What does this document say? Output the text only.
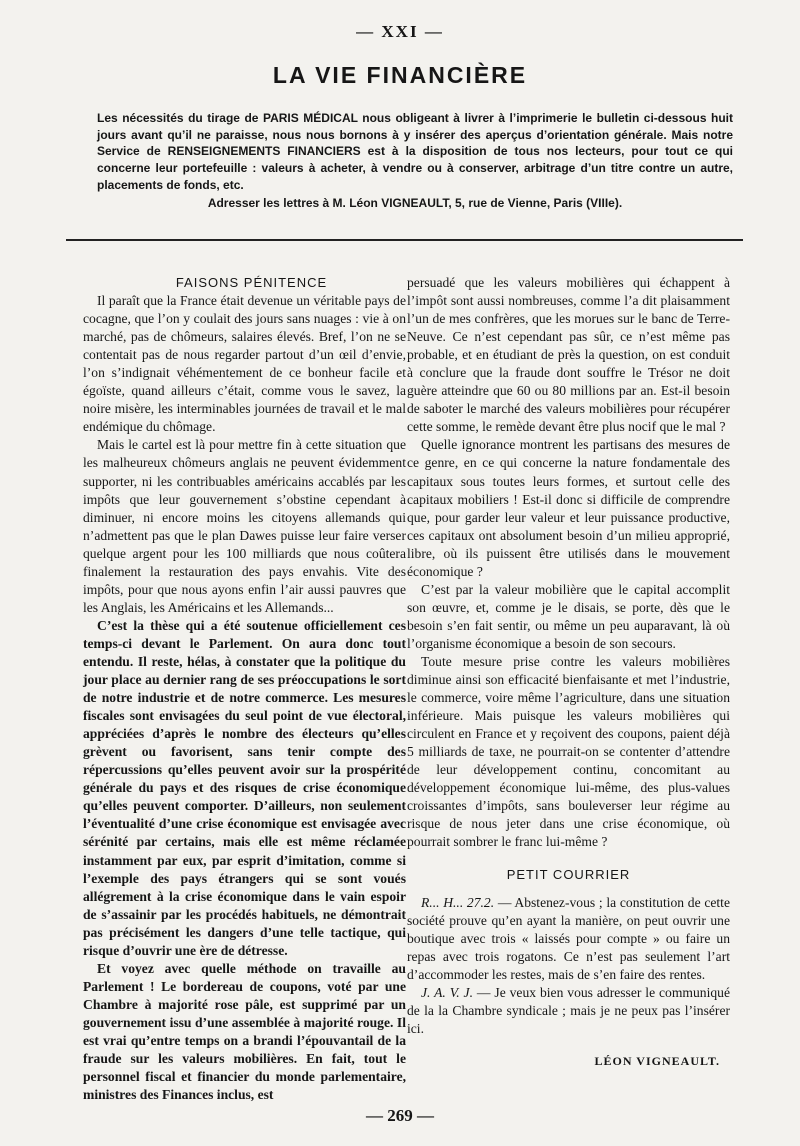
— XXI —
LA VIE FINANCIÈRE

Les nécessités du tirage de PARIS MÉDICAL nous obligeant à livrer à l’imprimerie le bulletin ci-dessous huit jours avant qu’il ne paraisse, nous nous bornons à y insérer des aperçus d’orientation générale. Mais notre Service de RENSEIGNEMENTS FINANCIERS est à la disposition de tous nos lecteurs, pour tout ce qui concerne leur portefeuille : valeurs à acheter, à vendre ou à conserver, arbitrage d’un titre contre un autre, placements de fonds, etc.

Adresser les lettres à M. Léon VIGNEAULT, 5, rue de Vienne, Paris (VIIIe).

FAISONS PÉNITENCE

Il paraît que la France était devenue un véritable pays de cocagne, que l’on y coulait des jours sans nuages : vie à on marché, pas de chômeurs, salaires élevés. Bref, l’on ne se contentait pas de nous regarder partout d’un œil d’envie, l’on s’indignait véhémentement de ce bonheur facile et égoïste, quand ailleurs c’était, comme vous le savez, la noire misère, les interminables journées de travail et le mal endémique du chômage.

Mais le cartel est là pour mettre fin à cette situation que les malheureux chômeurs anglais ne peuvent évidemment supporter, ni les contribuables américains accablés par les impôts que leur gouvernement s’obstine cependant à diminuer, ni encore moins les citoyens allemands qui n’admettent pas que le plan Dawes puisse leur faire verser quelque argent pour les 100 milliards que nous coûtera finalement la restauration des pays envahis. Vite des impôts, pour que nous ayons enfin l’air aussi pauvres que les Anglais, les Américains et les Allemands...

C’est la thèse qui a été soutenue officiellement ces temps-ci devant le Parlement. On aura donc tout entendu. Il reste, hélas, à constater que la politique du jour place au dernier rang de ses préoccupations le sort de notre industrie et de notre commerce. Les mesures fiscales sont envisagées du seul point de vue électoral, appréciées d’après le nombre des électeurs qu’elles grèvent ou favorisent, sans tenir compte des répercussions qu’elles peuvent avoir sur la prospérité générale du pays et des risques de crise économique qu’elles peuvent comporter. D’ailleurs, non seulement l’éventualité d’une crise économique est envisagée avec sérénité par certains, mais elle est même réclamée instamment par eux, par esprit d’imitation, comme si l’exemple des pays étrangers qui se sont voués allégrement à la crise économique dans le vain espoir de s’assainir par les procédés habituels, ne démontrait pas précisément les dangers d’une telle tactique, qui risque d’ouvrir une ère de détresse.

Et voyez avec quelle méthode on travaille au Parlement ! Le bordereau de coupons, voté par une Chambre à majorité rose pâle, est supprimé par un gouvernement issu d’une assemblée à majorité rouge. Il est vrai qu’entre temps on a brandi l’épouvantail de la fraude sur les valeurs mobilières. En fait, tout le personnel fiscal et financier du monde parlementaire, ministres des Finances inclus, est

persuadé que les valeurs mobilières qui échappent à l’impôt sont aussi nombreuses, comme l’a dit plaisamment l’un de mes confrères, que les morues sur le banc de Terre-Neuve. Ce n’est cependant pas sûr, ce n’est même pas probable, et en étudiant de près la question, on est conduit à conclure que la fraude dont souffre le Trésor ne doit guère atteindre que 60 ou 80 millions par an. Est-il besoin de saboter le marché des valeurs mobilières pour récupérer cette somme, le remède devant être plus nocif que le mal ?

Quelle ignorance montrent les partisans des mesures de ce genre, en ce qui concerne la nature fondamentale des capitaux sous toutes leurs formes, et surtout celle des capitaux mobiliers ! Est-il donc si difficile de comprendre que, pour garder leur valeur et leur puissance productive, ces capitaux ont absolument besoin d’un milieu approprié, libre, où ils puissent être utilisés dans le mouvement économique ?

C’est par la valeur mobilière que le capital accomplit son œuvre, et, comme je le disais, se porte, dès que le besoin s’en fait sentir, ou même un peu auparavant, là où l’organisme économique a besoin de son secours.

Toute mesure prise contre les valeurs mobilières diminue ainsi son efficacité bienfaisante et met l’industrie, le commerce, voire même l’agriculture, dans une situation inférieure. Mais puisque les valeurs mobilières qui circulent en France et y reçoivent des coupons, paient déjà 5 milliards de taxe, ne pourrait-on se contenter d’attendre de leur développement continu, concomitant au développement économique lui-même, des plus-values croissantes d’impôts, sans bouleverser leur régime au risque de nous jeter dans une crise économique, où pourrait sombrer le franc lui-même ?

PETIT COURRIER

R... H... 27.2. — Abstenez-vous ; la constitution de cette société prouve qu’en ayant la manière, on peut ouvrir une boutique avec trois « laissés pour compte » ou faire un repas avec trois rogatons. Ce n’est pas seulement l’art d’accommoder les restes, mais de s’en faire des rentes.

J. A. V. J. — Je veux bien vous adresser le communiqué de la la Chambre syndicale ; mais je ne peux pas l’insérer ici.

LÉON VIGNEAULT.
— 269 —
